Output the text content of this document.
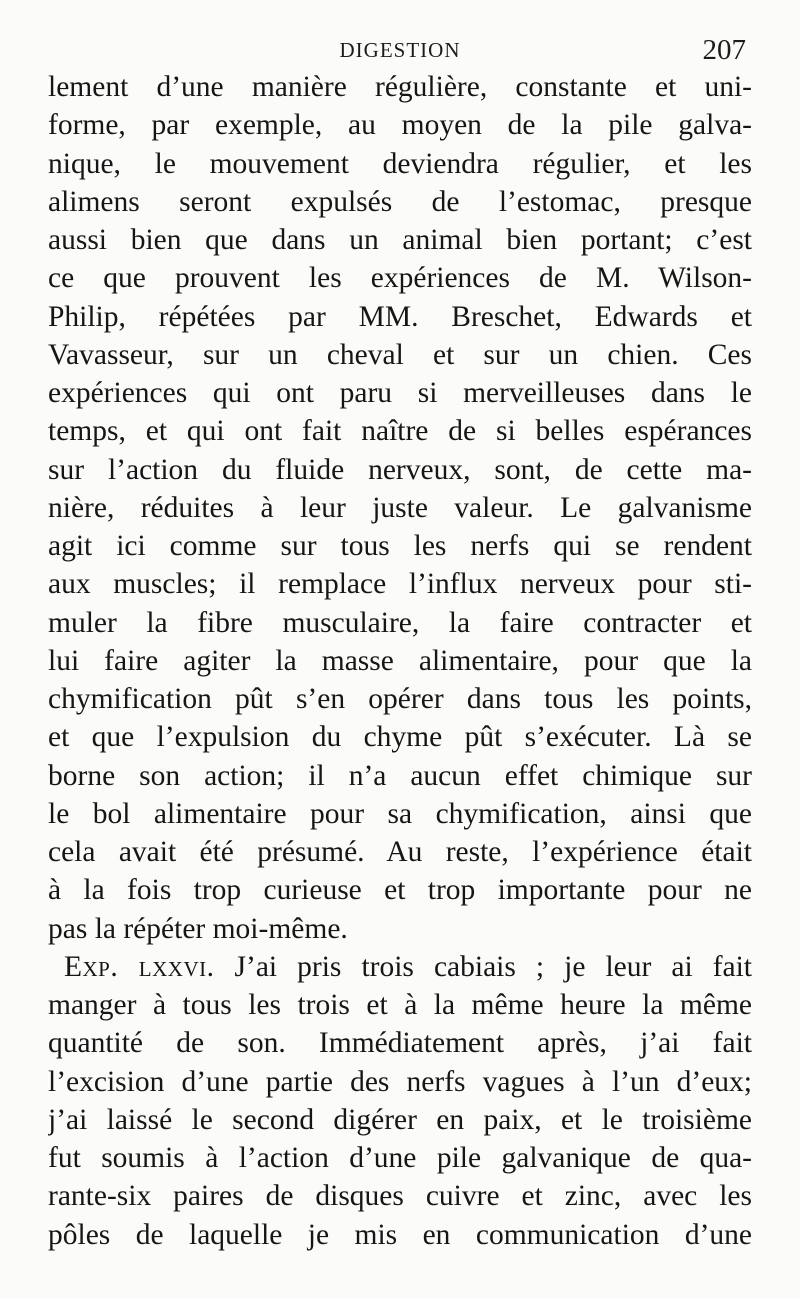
DIGESTION	207
lement d’une manière régulière, constante et uni-
forme, par exemple, au moyen de la pile galva-
nique, le mouvement deviendra régulier, et les
alimens seront expulsés de l’estomac, presque
aussi bien que dans un animal bien portant; c’est
ce que prouvent les expériences de M. Wilson-
Philip, répétées par MM. Breschet, Edwards et
Vavasseur, sur un cheval et sur un chien. Ces
expériences qui ont paru si merveilleuses dans le
temps, et qui ont fait naître de si belles espérances
sur l’action du fluide nerveux, sont, de cette ma-
nière, réduites à leur juste valeur. Le galvanisme
agit ici comme sur tous les nerfs qui se rendent
aux muscles; il remplace l’influx nerveux pour sti-
muler la fibre musculaire, la faire contracter et
lui faire agiter la masse alimentaire, pour que la
chymification pût s’en opérer dans tous les points,
et que l’expulsion du chyme pût s’exécuter. Là se
borne son action; il n’a aucun effet chimique sur
le bol alimentaire pour sa chymification, ainsi que
cela avait été présumé. Au reste, l’expérience était
à la fois trop curieuse et trop importante pour ne
pas la répéter moi-même.
Exp. lxxvi. J’ai pris trois cabiais ; je leur ai fait
manger à tous les trois et à la même heure la même
quantité de son. Immédiatement après, j’ai fait
l’excision d’une partie des nerfs vagues à l’un d’eux;
j’ai laissé le second digérer en paix, et le troisième
fut soumis à l’action d’une pile galvanique de qua-
rante-six paires de disques cuivre et zinc, avec les
pôles de laquelle je mis en communication d’une
